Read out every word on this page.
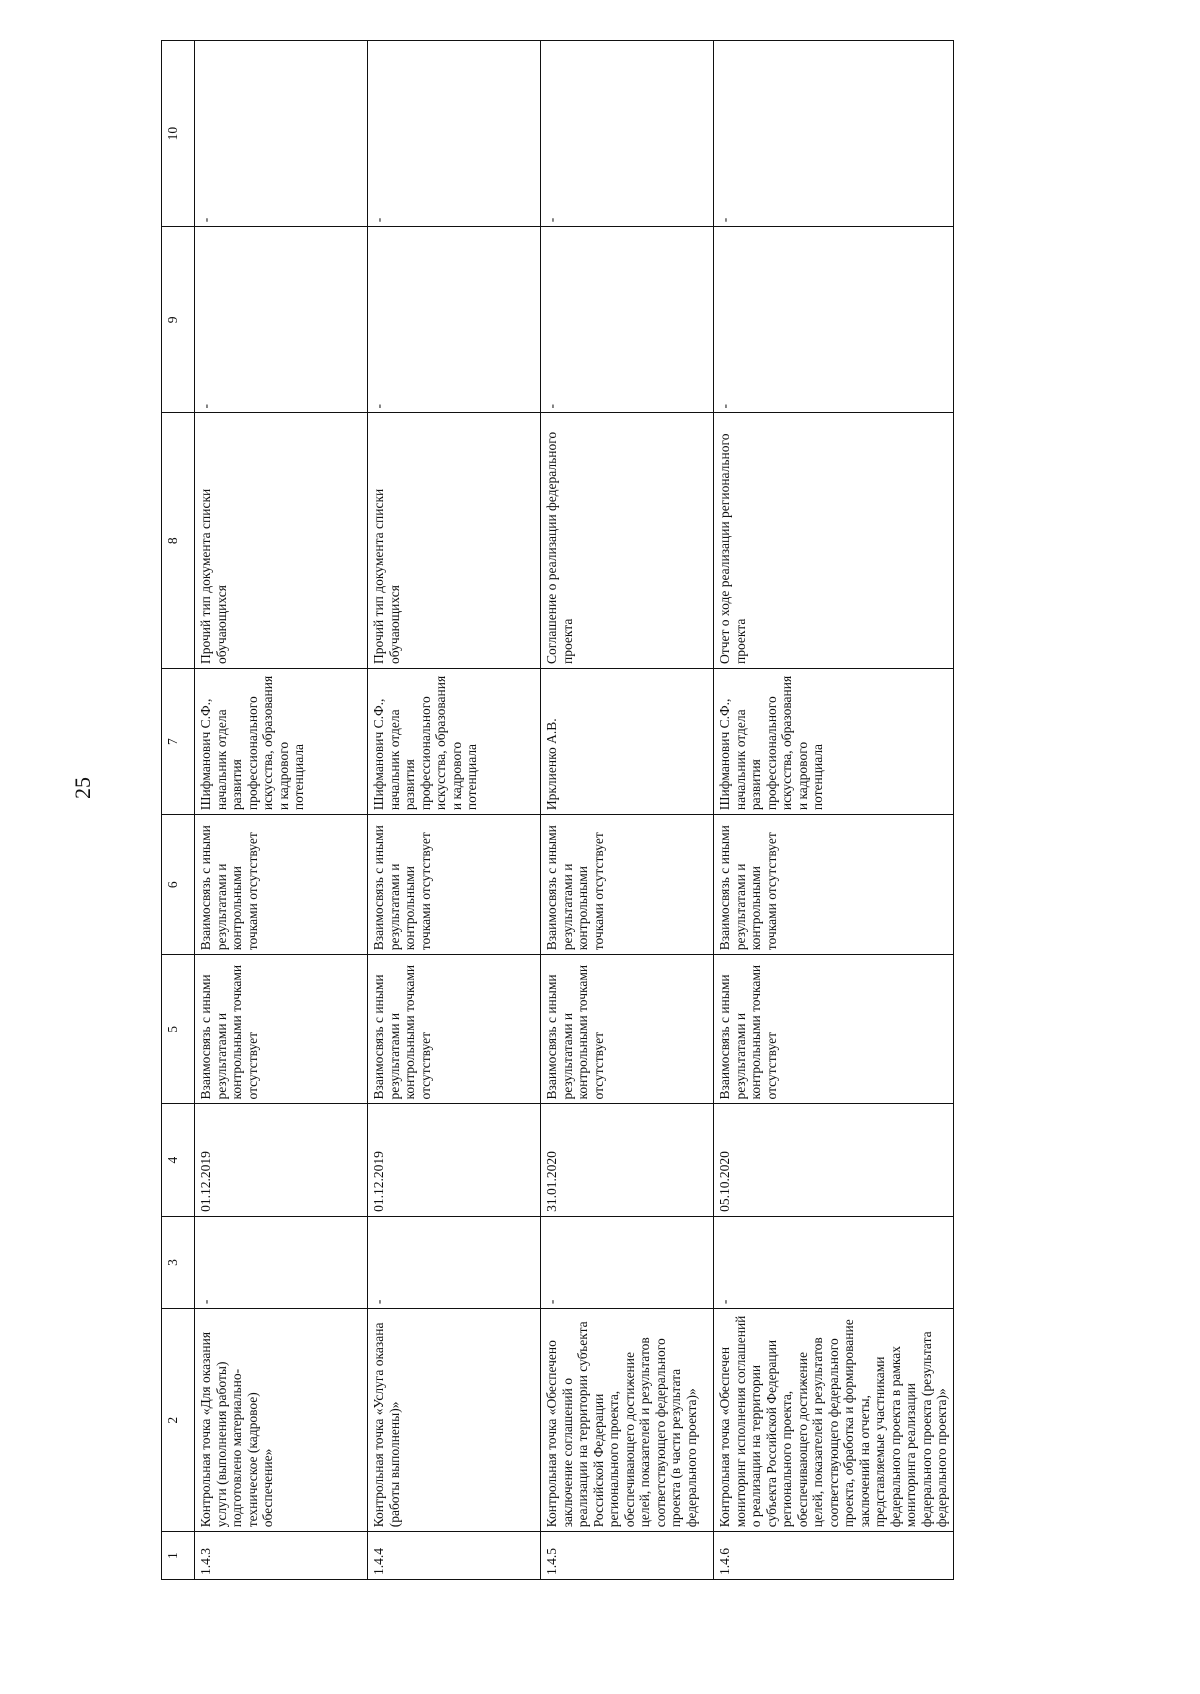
25
1	2	3	4	5	6	7	8	9	10
1.4.3	Контрольная точка «Для оказания услуги (выполнения работы) подготовлено материально-техническое (кадровое) обеспечение»	-	01.12.2019	Взаимосвязь с иными результатами и контрольными точками отсутствует	Взаимосвязь с иными результатами и контрольными точками отсутствует	Шифманович С.Ф., начальник отдела развития профессионального искусства, образования и кадрового потенциала	Прочий тип документа списки обучающихся	-	-
1.4.4	Контрольная точка «Услуга оказана (работы выполнены)»	-	01.12.2019	Взаимосвязь с иными результатами и контрольными точками отсутствует	Взаимосвязь с иными результатами и контрольными точками отсутствует	Шифманович С.Ф., начальник отдела развития профессионального искусства, образования и кадрового потенциала	Прочий тип документа списки обучающихся	-	-
1.4.5	Контрольная точка «Обеспечено заключение соглашений о реализации на территории субъекта Российской Федерации регионального проекта, обеспечивающего достижение целей, показателей и результатов соответствующего федерального проекта (в части результата федерального проекта)»	-	31.01.2020	Взаимосвязь с иными результатами и контрольными точками отсутствует	Взаимосвязь с иными результатами и контрольными точками отсутствует	Ирклиенко А.В.	Соглашение о реализации федерального проекта	-	-
1.4.6	Контрольная точка «Обеспечен мониторинг исполнения соглашений о реализации на территории субъекта Российской Федерации регионального проекта, обеспечивающего достижение целей, показателей и результатов соответствующего федерального проекта, обработка и формирование заключений на отчеты, представляемые участниками федерального проекта в рамках мониторинга реализации федерального проекта (результата федерального проекта)»	-	05.10.2020	Взаимосвязь с иными результатами и контрольными точками отсутствует	Взаимосвязь с иными результатами и контрольными точками отсутствует	Шифманович С.Ф., начальник отдела развития профессионального искусства, образования и кадрового потенциала	Отчет о ходе реализации регионального проекта	-	-
